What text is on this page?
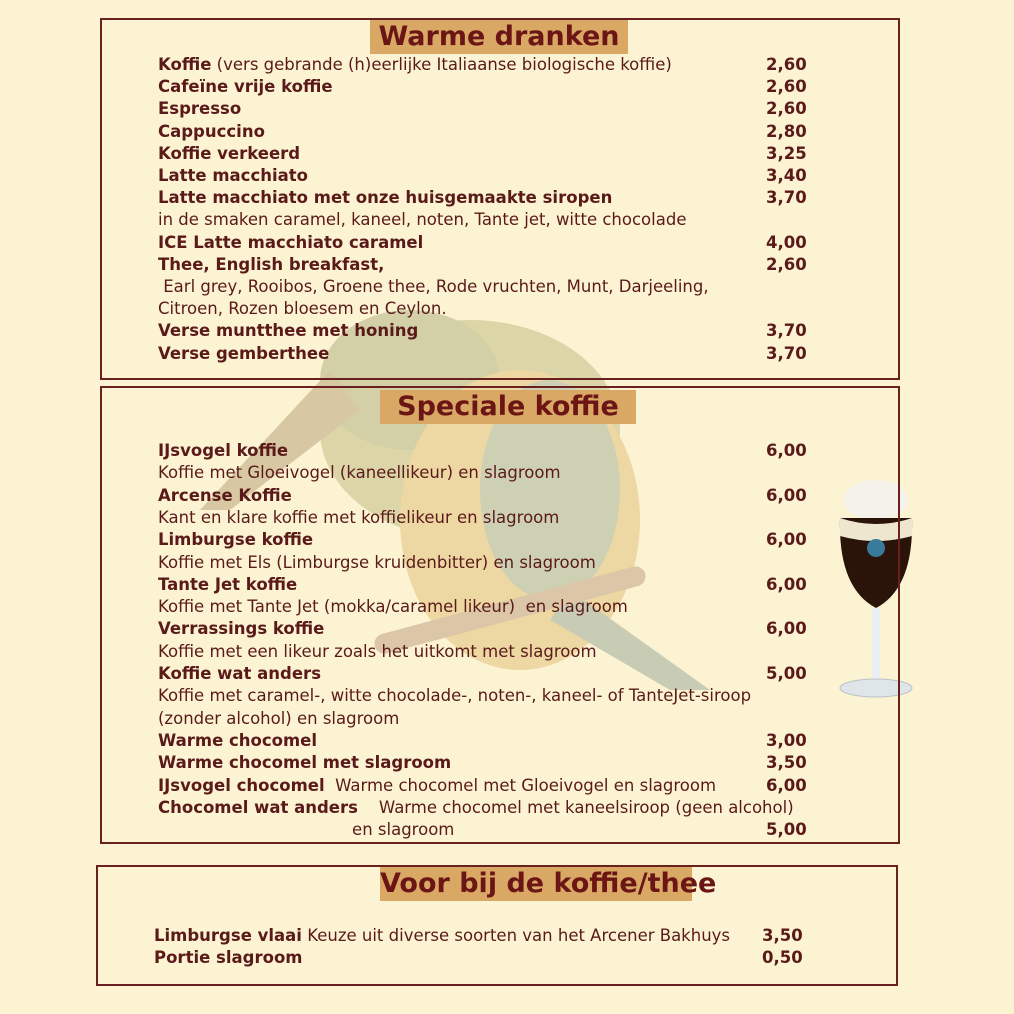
Warme dranken
Koffie (vers gebrande (h)eerlijke Italiaanse biologische koffie)	2,60
Cafeïne vrije koffie	2,60
Espresso	2,60
Cappuccino	2,80
Koffie verkeerd	3,25
Latte macchiato	3,40
Latte macchiato met onze huisgemaakte siropen	3,70
in de smaken caramel, kaneel, noten, Tante jet, witte chocolade
ICE Latte macchiato caramel	4,00
Thee, English breakfast,	2,60
Earl grey, Rooibos, Groene thee, Rode vruchten, Munt, Darjeeling,
Citroen, Rozen bloesem en Ceylon.
Verse muntthee met honing	3,70
Verse gemberthee	3,70
Speciale koffie
IJsvogel koffie	6,00
Koffie met Gloeivogel (kaneellikeur) en slagroom
Arcense Koffie	6,00
Kant en klare koffie met koffielikeur en slagroom
Limburgse koffie	6,00
Koffie met Els (Limburgse kruidenbitter) en slagroom
Tante Jet koffie	6,00
Koffie met Tante Jet (mokka/caramel likeur)  en slagroom
Verrassings koffie	6,00
Koffie met een likeur zoals het uitkomt met slagroom
Koffie wat anders	5,00
Koffie met caramel-, witte chocolade-, noten-, kaneel- of TanteJet-siroop
(zonder alcohol) en slagroom
Warme chocomel	3,00
Warme chocomel met slagroom	3,50
IJsvogel chocomel  Warme chocomel met Gloeivogel en slagroom	6,00
Chocomel wat anders    Warme chocomel met kaneelsiroop (geen alcohol)
en slagroom	5,00
Voor bij de koffie/thee
Limburgse vlaai Keuze uit diverse soorten van het Arcener Bakhuys	3,50
Portie slagroom	0,50
